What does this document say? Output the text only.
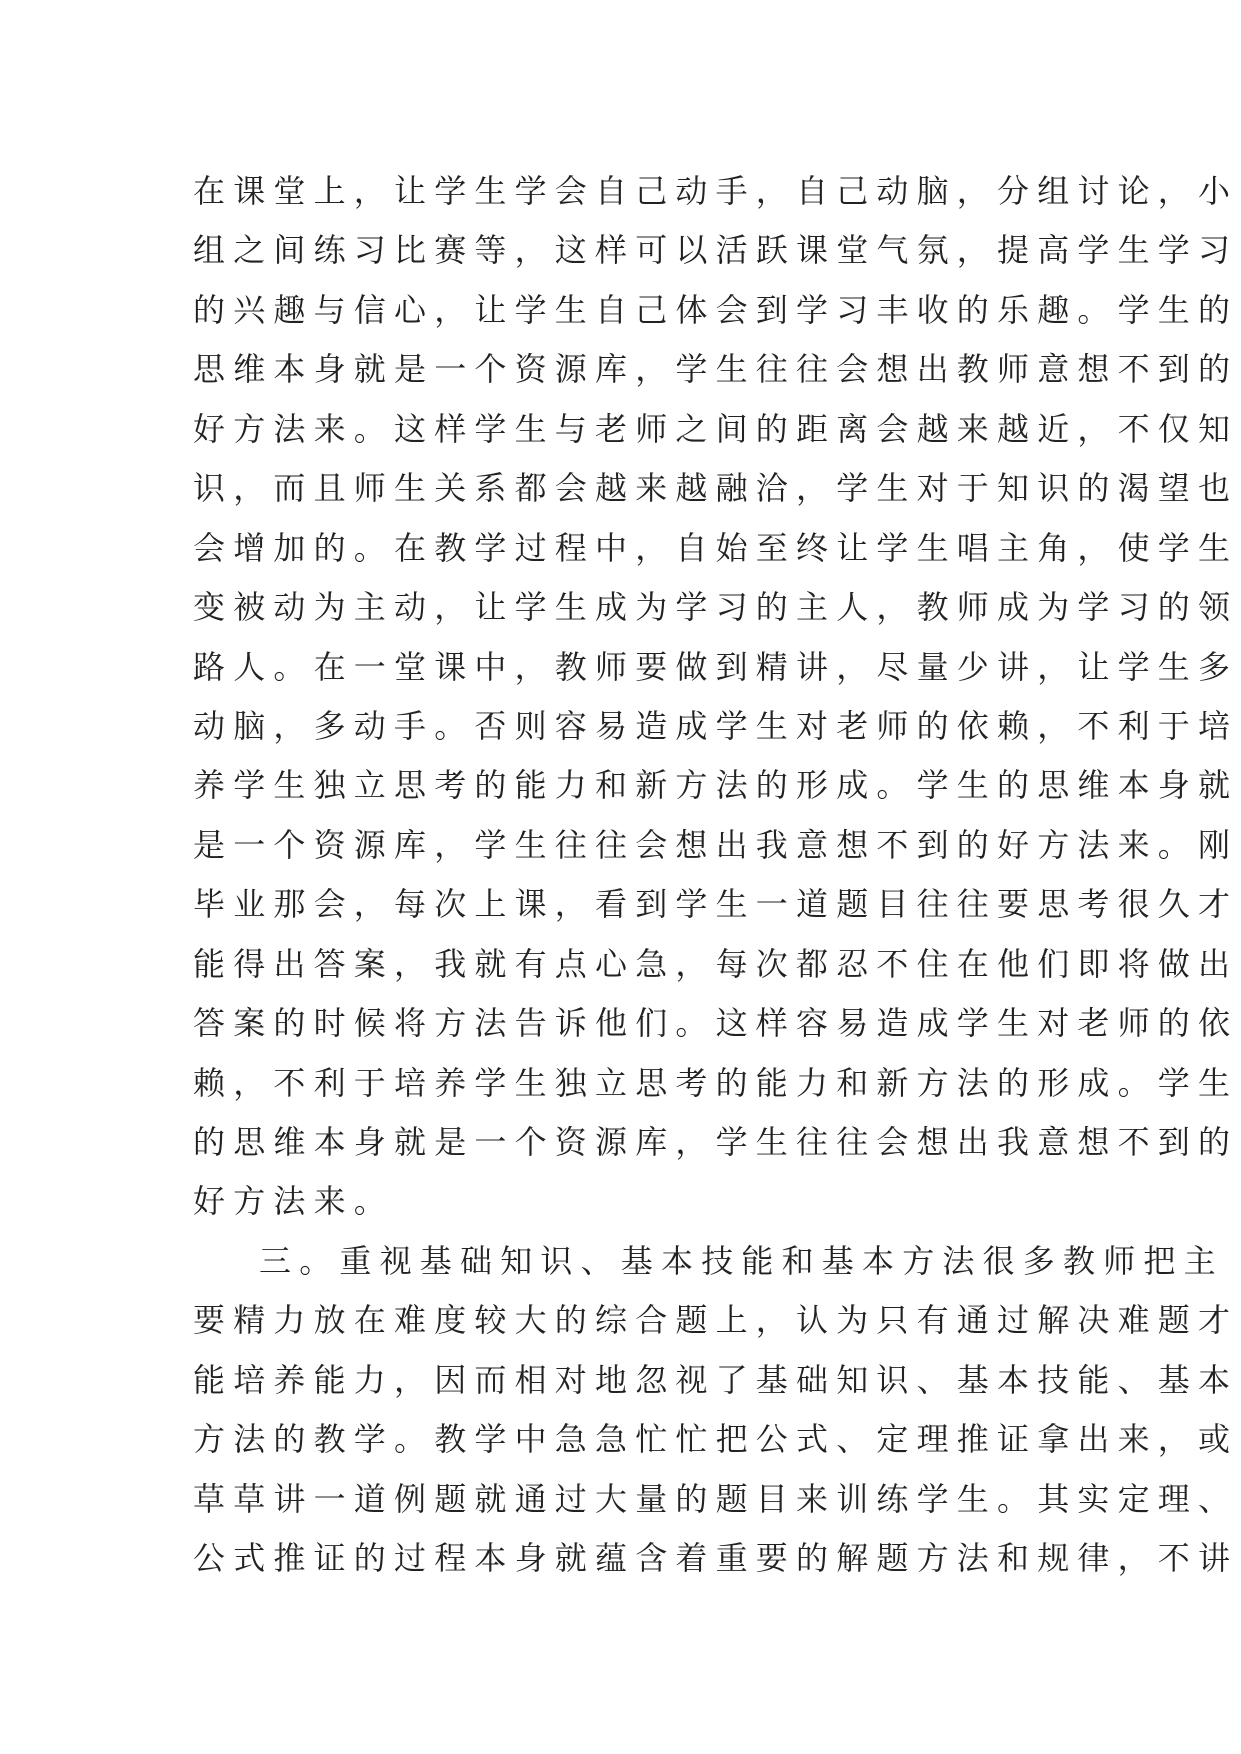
在课堂上，让学生学会自己动手，自己动脑，分组讨论，小
组之间练习比赛等，这样可以活跃课堂气氛，提高学生学习
的兴趣与信心，让学生自己体会到学习丰收的乐趣。学生的
思维本身就是一个资源库，学生往往会想出教师意想不到的
好方法来。这样学生与老师之间的距离会越来越近，不仅知
识，而且师生关系都会越来越融洽，学生对于知识的渴望也
会增加的。在教学过程中，自始至终让学生唱主角，使学生
变被动为主动，让学生成为学习的主人，教师成为学习的领
路人。在一堂课中，教师要做到精讲，尽量少讲，让学生多
动脑，多动手。否则容易造成学生对老师的依赖，不利于培
养学生独立思考的能力和新方法的形成。学生的思维本身就
是一个资源库，学生往往会想出我意想不到的好方法来。刚
毕业那会，每次上课，看到学生一道题目往往要思考很久才
能得出答案，我就有点心急，每次都忍不住在他们即将做出
答案的时候将方法告诉他们。这样容易造成学生对老师的依
赖，不利于培养学生独立思考的能力和新方法的形成。学生
的思维本身就是一个资源库，学生往往会想出我意想不到的
好方法来。
三。重视基础知识、基本技能和基本方法很多教师把主
要精力放在难度较大的综合题上，认为只有通过解决难题才
能培养能力，因而相对地忽视了基础知识、基本技能、基本
方法的教学。教学中急急忙忙把公式、定理推证拿出来，或
草草讲一道例题就通过大量的题目来训练学生。其实定理、
公式推证的过程本身就蕴含着重要的解题方法和规律，不讲
